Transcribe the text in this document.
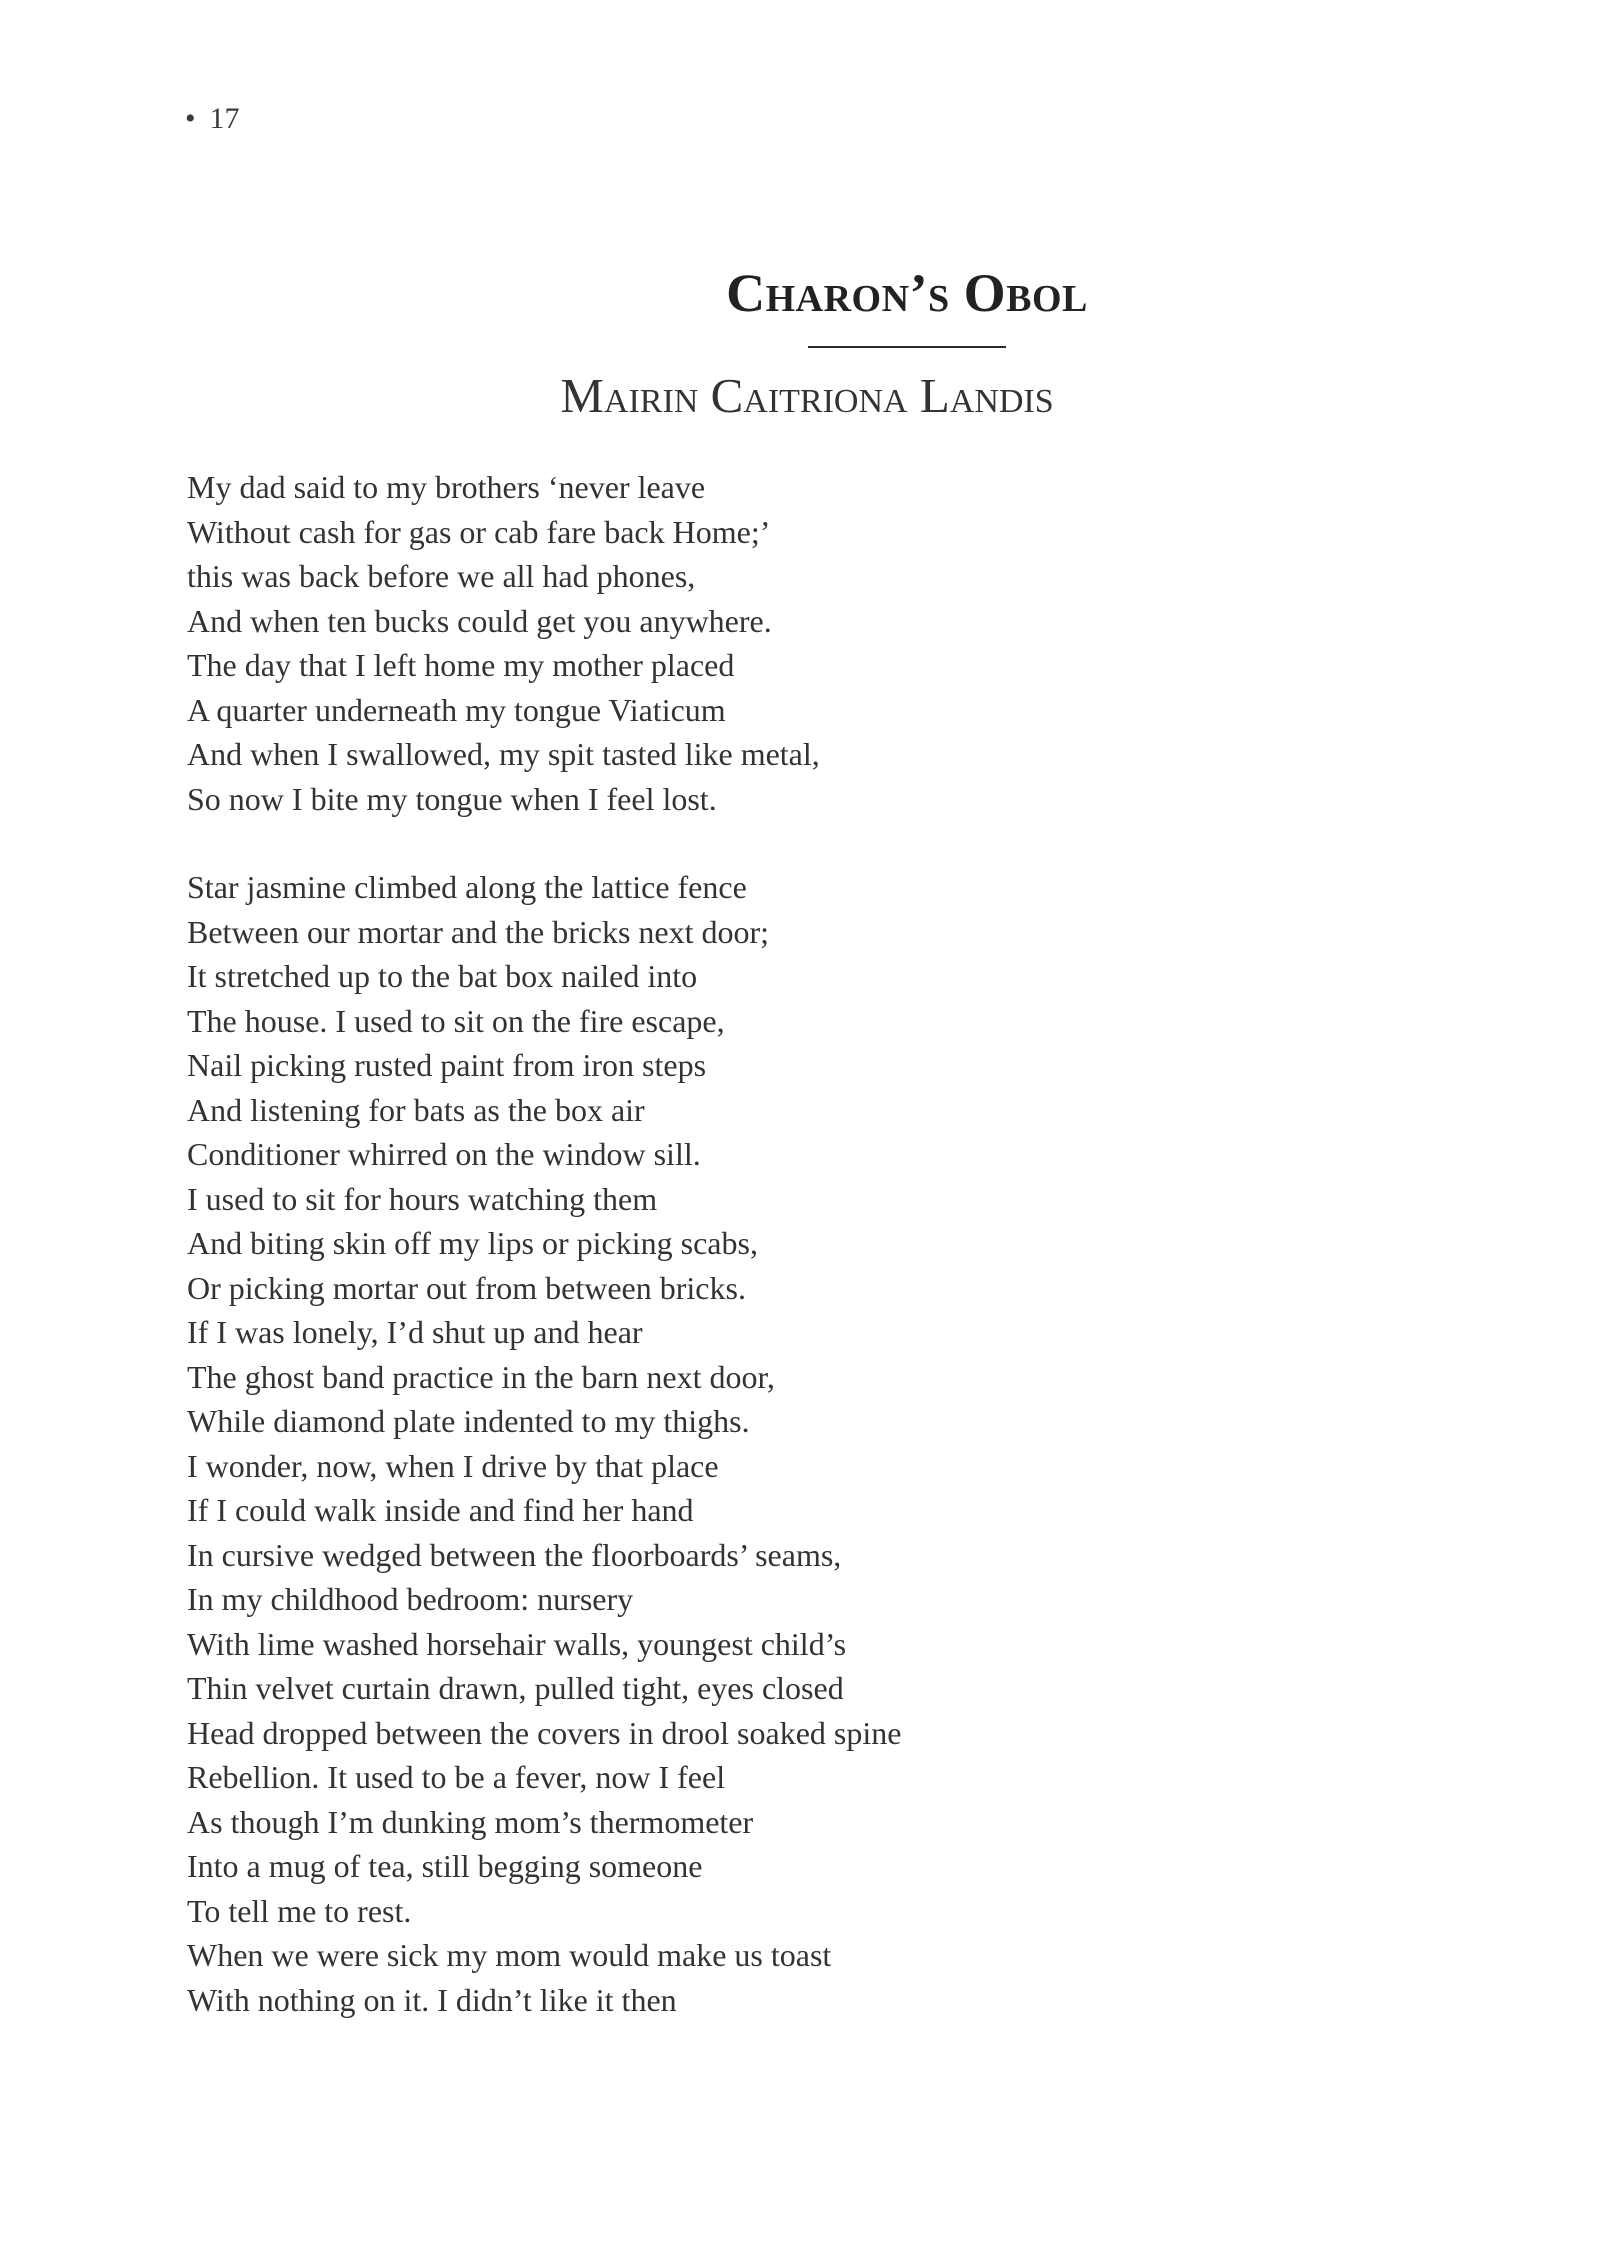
• 17
Charon’s Obol
Mairin Caitriona Landis
My dad said to my brothers ‘never leave
Without cash for gas or cab fare back Home;’
this was back before we all had phones,
And when ten bucks could get you anywhere.
The day that I left home my mother placed
A quarter underneath my tongue Viaticum
And when I swallowed, my spit tasted like metal,
So now I bite my tongue when I feel lost.
Star jasmine climbed along the lattice fence
Between our mortar and the bricks next door;
It stretched up to the bat box nailed into
The house. I used to sit on the fire escape,
Nail picking rusted paint from iron steps
And listening for bats as the box air
Conditioner whirred on the window sill.
I used to sit for hours watching them
And biting skin off my lips or picking scabs,
Or picking mortar out from between bricks.
If I was lonely, I’d shut up and hear
The ghost band practice in the barn next door,
While diamond plate indented to my thighs.
I wonder, now, when I drive by that place
If I could walk inside and find her hand
In cursive wedged between the floorboards’ seams,
In my childhood bedroom: nursery
With lime washed horsehair walls, youngest child’s
Thin velvet curtain drawn, pulled tight, eyes closed
Head dropped between the covers in drool soaked spine
Rebellion. It used to be a fever, now I feel
As though I’m dunking mom’s thermometer
Into a mug of tea, still begging someone
To tell me to rest.
When we were sick my mom would make us toast
With nothing on it. I didn’t like it then
